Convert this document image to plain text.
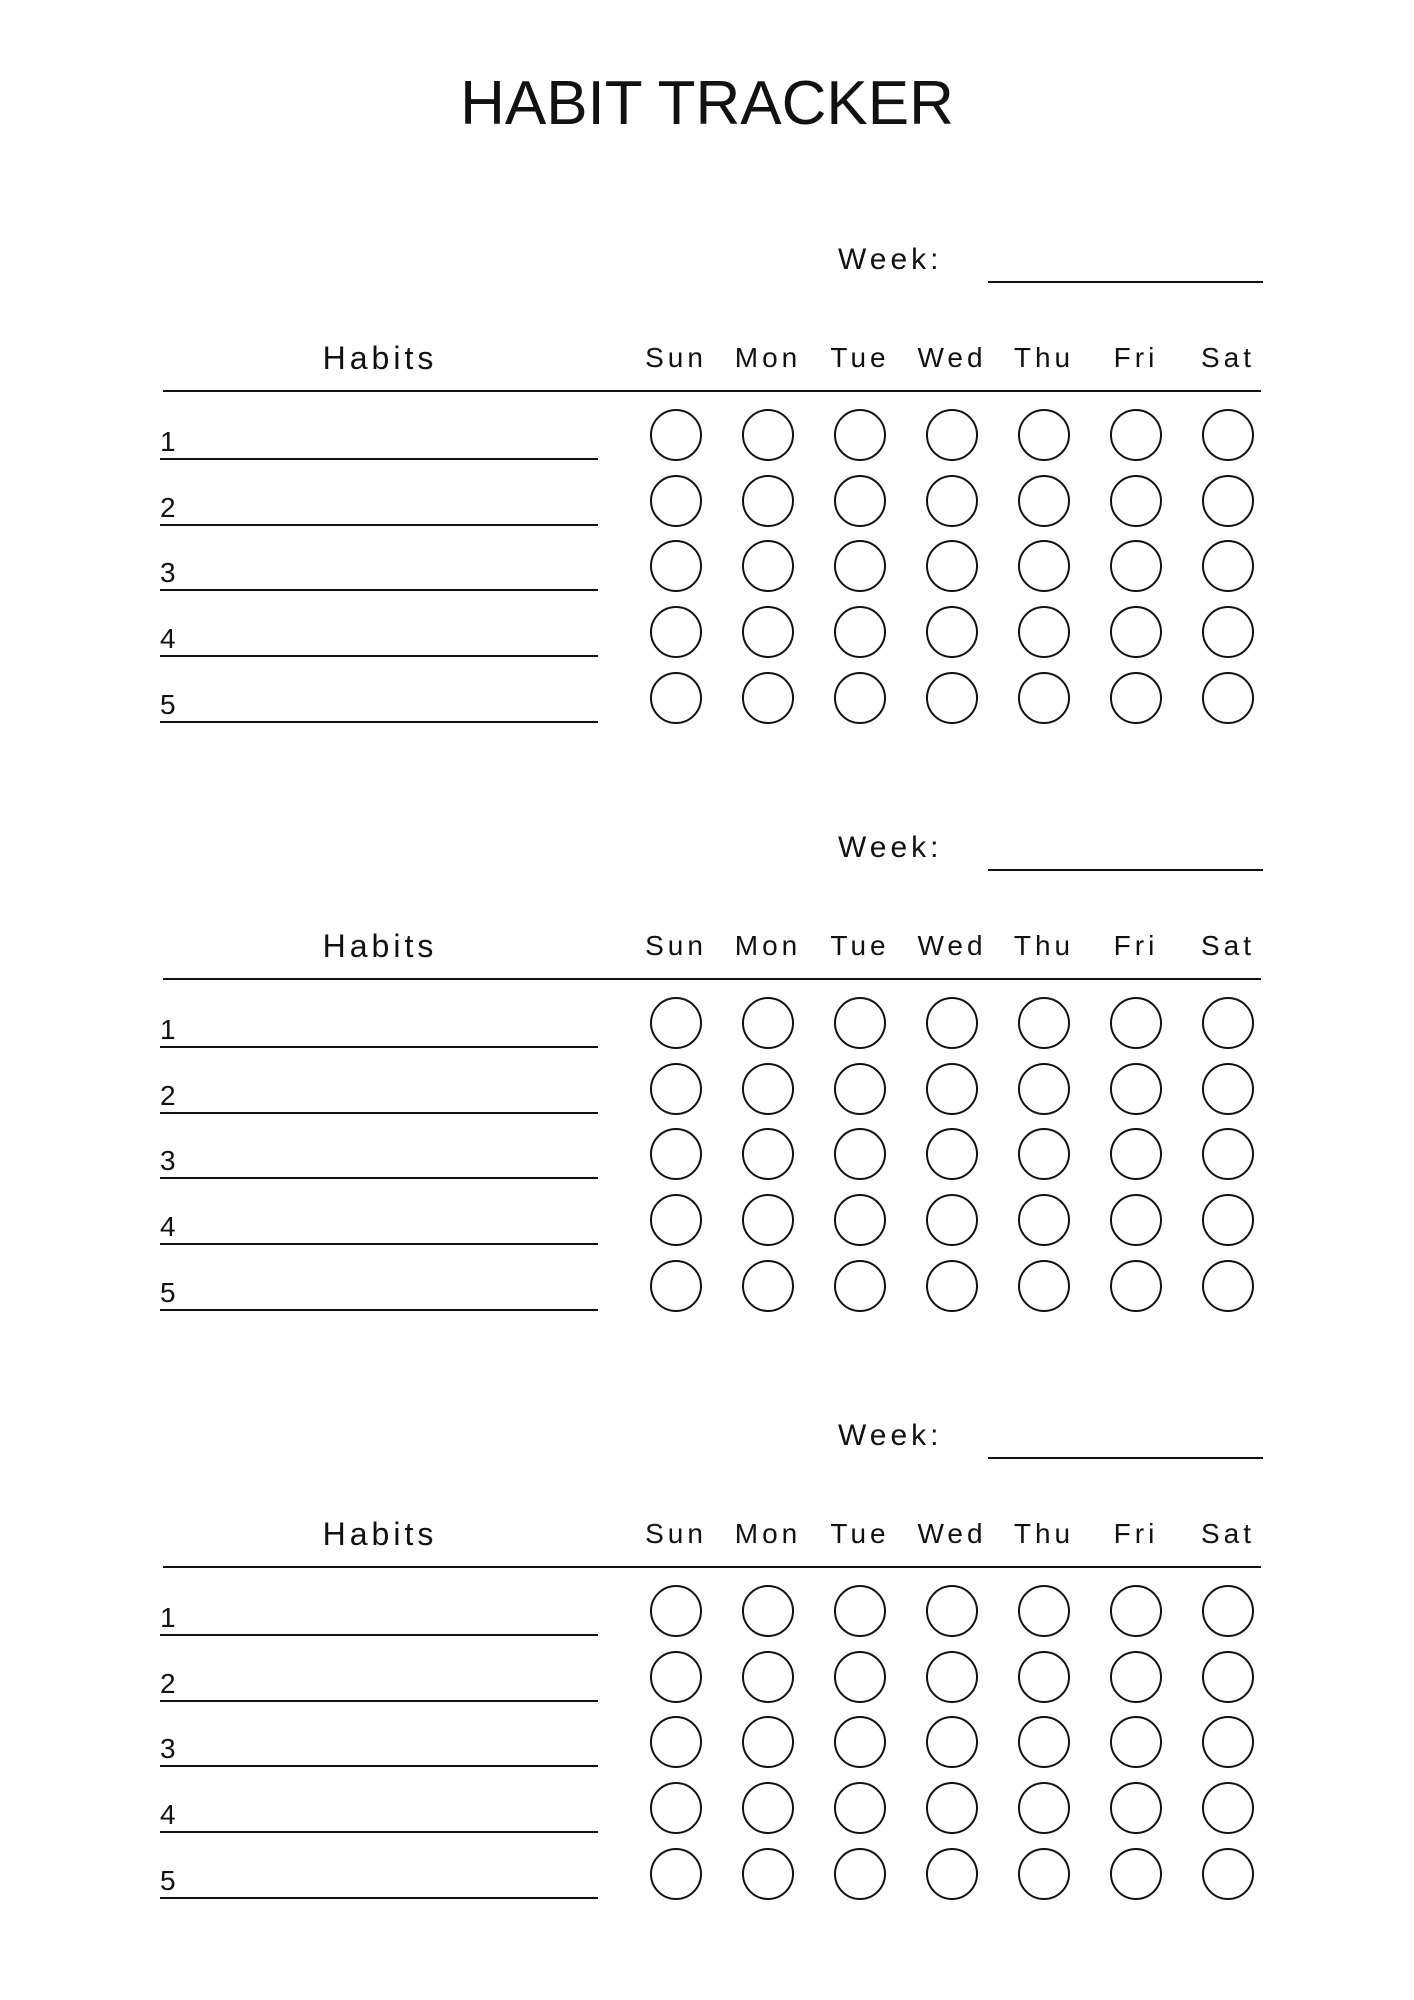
HABIT TRACKER
Week:
Habits	Sun Mon	Tue Wed Thu	Fri	Sat
1
2
3
4
5
Week:
Habits	Sun Mon	Tue Wed Thu	Fri	Sat
1
2
3
4
5
Week:
Habits	Sun Mon	Tue Wed Thu	Fri	Sat
1
2
3
4
5
